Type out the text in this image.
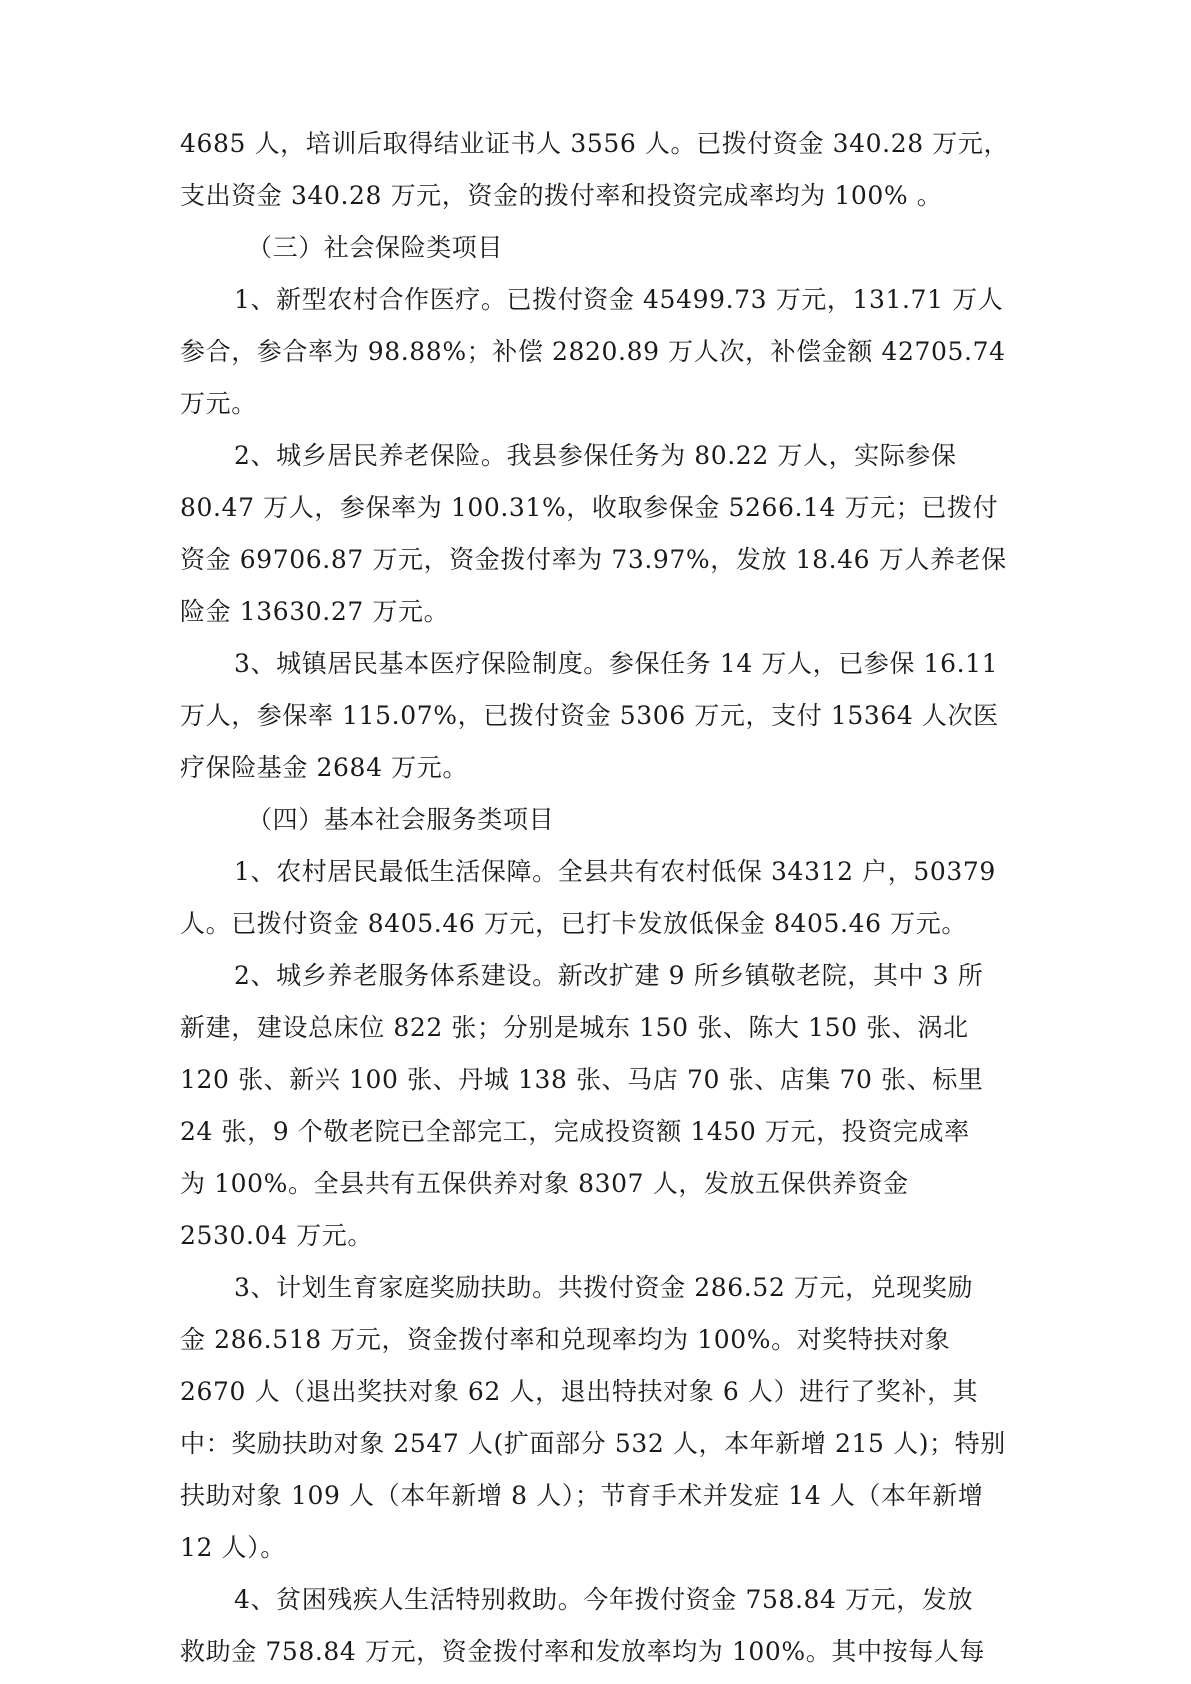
4685 人，培训后取得结业证书人 3556 人。已拨付资金 340.28 万元，
支出资金 340.28 万元，资金的拨付率和投资完成率均为 100% 。
（三）社会保险类项目
1、新型农村合作医疗。已拨付资金 45499.73 万元，131.71 万人
参合，参合率为 98.88%；补偿 2820.89 万人次，补偿金额 42705.74
万元。
2、城乡居民养老保险。我县参保任务为 80.22 万人，实际参保
80.47 万人，参保率为 100.31%，收取参保金 5266.14 万元；已拨付
资金 69706.87 万元，资金拨付率为 73.97%，发放 18.46 万人养老保
险金 13630.27 万元。
3、城镇居民基本医疗保险制度。参保任务 14 万人，已参保 16.11
万人，参保率 115.07%，已拨付资金 5306 万元，支付 15364 人次医
疗保险基金 2684 万元。
（四）基本社会服务类项目
1、农村居民最低生活保障。全县共有农村低保 34312 户，50379
人。已拨付资金 8405.46 万元，已打卡发放低保金 8405.46 万元。
2、城乡养老服务体系建设。新改扩建 9 所乡镇敬老院，其中 3 所
新建，建设总床位 822 张；分别是城东 150 张、陈大 150 张、涡北
120 张、新兴 100 张、丹城 138 张、马店 70 张、店集 70 张、标里
24 张，9 个敬老院已全部完工，完成投资额 1450 万元，投资完成率
为 100%。全县共有五保供养对象 8307 人，发放五保供养资金
2530.04 万元。
3、计划生育家庭奖励扶助。共拨付资金 286.52 万元，兑现奖励
金 286.518 万元，资金拨付率和兑现率均为 100%。对奖特扶对象
2670 人（退出奖扶对象 62 人，退出特扶对象 6 人）进行了奖补，其
中：奖励扶助对象 2547 人(扩面部分 532 人，本年新增 215 人)；特别
扶助对象 109 人（本年新增 8 人）；节育手术并发症 14 人（本年新增
12 人）。
4、贫困残疾人生活特别救助。今年拨付资金 758.84 万元，发放
救助金 758.84 万元，资金拨付率和发放率均为 100%。其中按每人每
